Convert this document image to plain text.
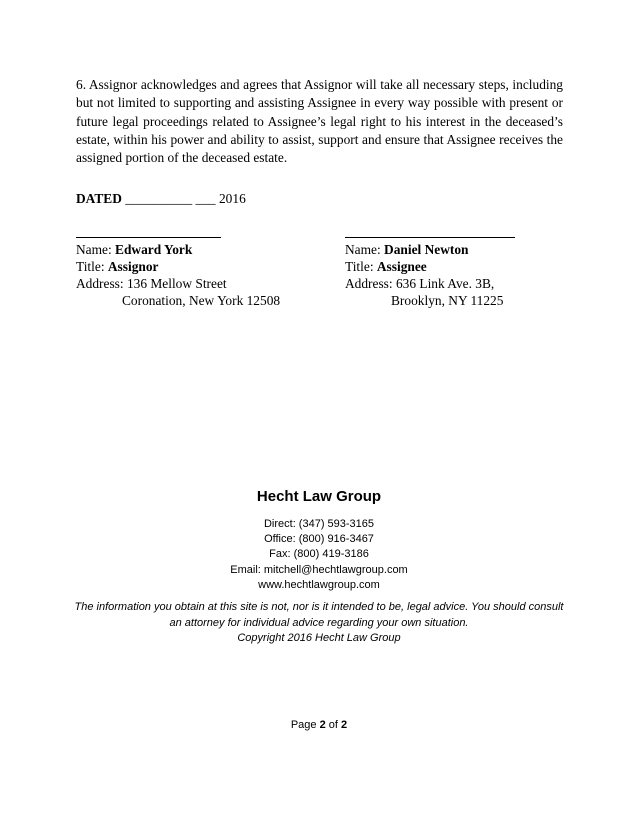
6. Assignor acknowledges and agrees that Assignor will take all necessary steps, including but not limited to supporting and assisting Assignee in every way possible with present or future legal proceedings related to Assignee’s legal right to his interest in the deceased’s estate, within his power and ability to assist, support and ensure that Assignee receives the assigned portion of the deceased estate.

DATED __________ ___ 2016
Name: Edward York
Title: Assignor
Address: 136 Mellow Street
Coronation, New York 12508
Name: Daniel Newton
Title: Assignee
Address: 636 Link Ave. 3B,
Brooklyn, NY 11225
Hecht Law Group
Direct: (347) 593-3165
Office: (800) 916-3467
Fax: (800) 419-3186
Email: mitchell@hechtlawgroup.com
www.hechtlawgroup.com
The information you obtain at this site is not, nor is it intended to be, legal advice. You should consult
an attorney for individual advice regarding your own situation.
Copyright 2016 Hecht Law Group
Page 2 of 2
